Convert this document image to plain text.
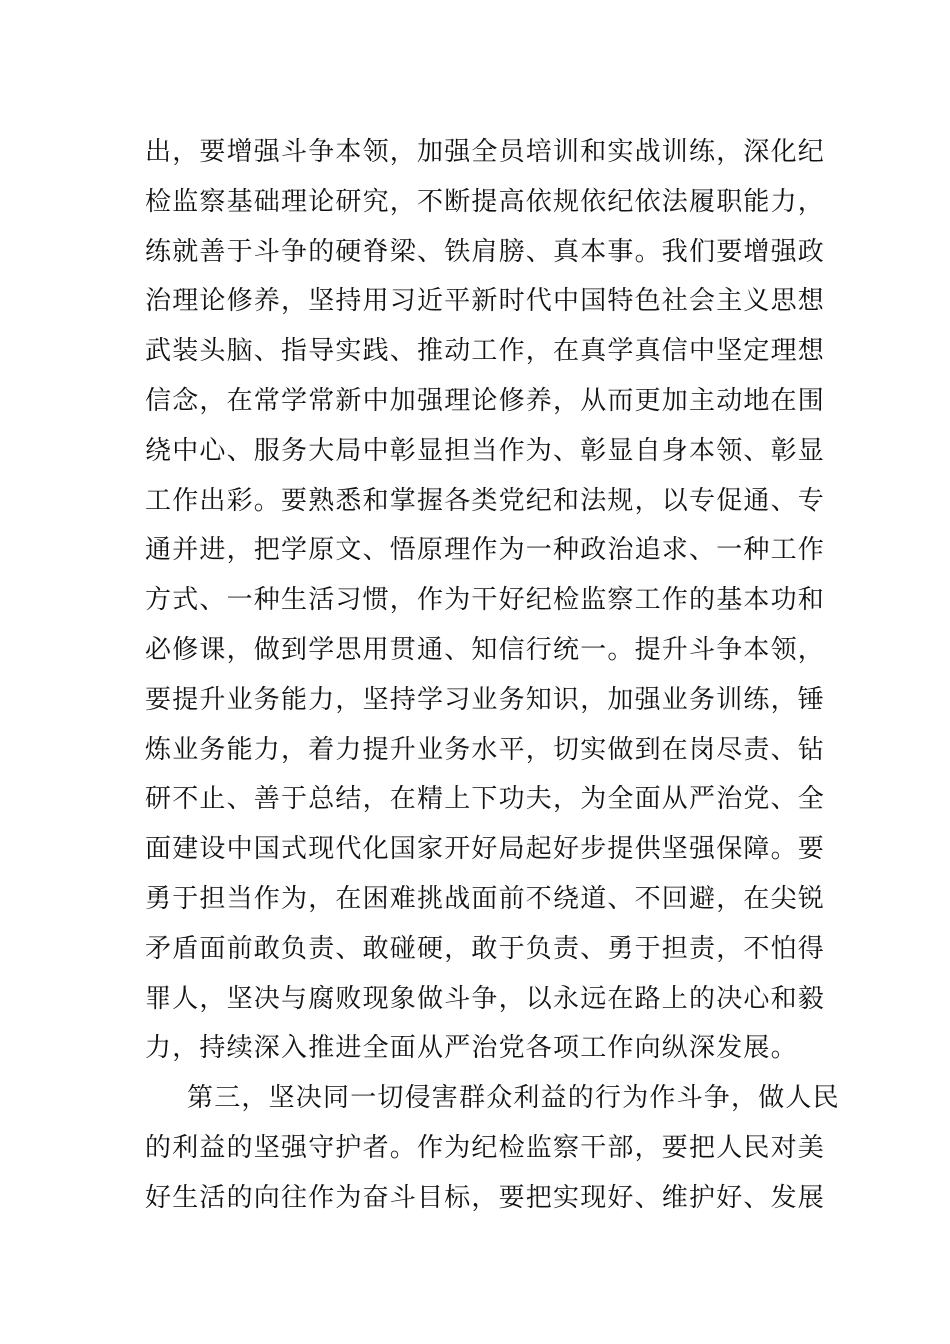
出，要增强斗争本领，加强全员培训和实战训练，深化纪
检监察基础理论研究，不断提高依规依纪依法履职能力，
练就善于斗争的硬脊梁、铁肩膀、真本事。我们要增强政
治理论修养，坚持用习近平新时代中国特色社会主义思想
武装头脑、指导实践、推动工作，在真学真信中坚定理想
信念，在常学常新中加强理论修养，从而更加主动地在围
绕中心、服务大局中彰显担当作为、彰显自身本领、彰显
工作出彩。要熟悉和掌握各类党纪和法规，以专促通、专
通并进，把学原文、悟原理作为一种政治追求、一种工作
方式、一种生活习惯，作为干好纪检监察工作的基本功和
必修课，做到学思用贯通、知信行统一。提升斗争本领，
要提升业务能力，坚持学习业务知识，加强业务训练，锤
炼业务能力，着力提升业务水平，切实做到在岗尽责、钻
研不止、善于总结，在精上下功夫，为全面从严治党、全
面建设中国式现代化国家开好局起好步提供坚强保障。要
勇于担当作为，在困难挑战面前不绕道、不回避，在尖锐
矛盾面前敢负责、敢碰硬，敢于负责、勇于担责，不怕得
罪人，坚决与腐败现象做斗争，以永远在路上的决心和毅
力，持续深入推进全面从严治党各项工作向纵深发展。
第三，坚决同一切侵害群众利益的行为作斗争，做人民
的利益的坚强守护者。作为纪检监察干部，要把人民对美
好生活的向往作为奋斗目标，要把实现好、维护好、发展
